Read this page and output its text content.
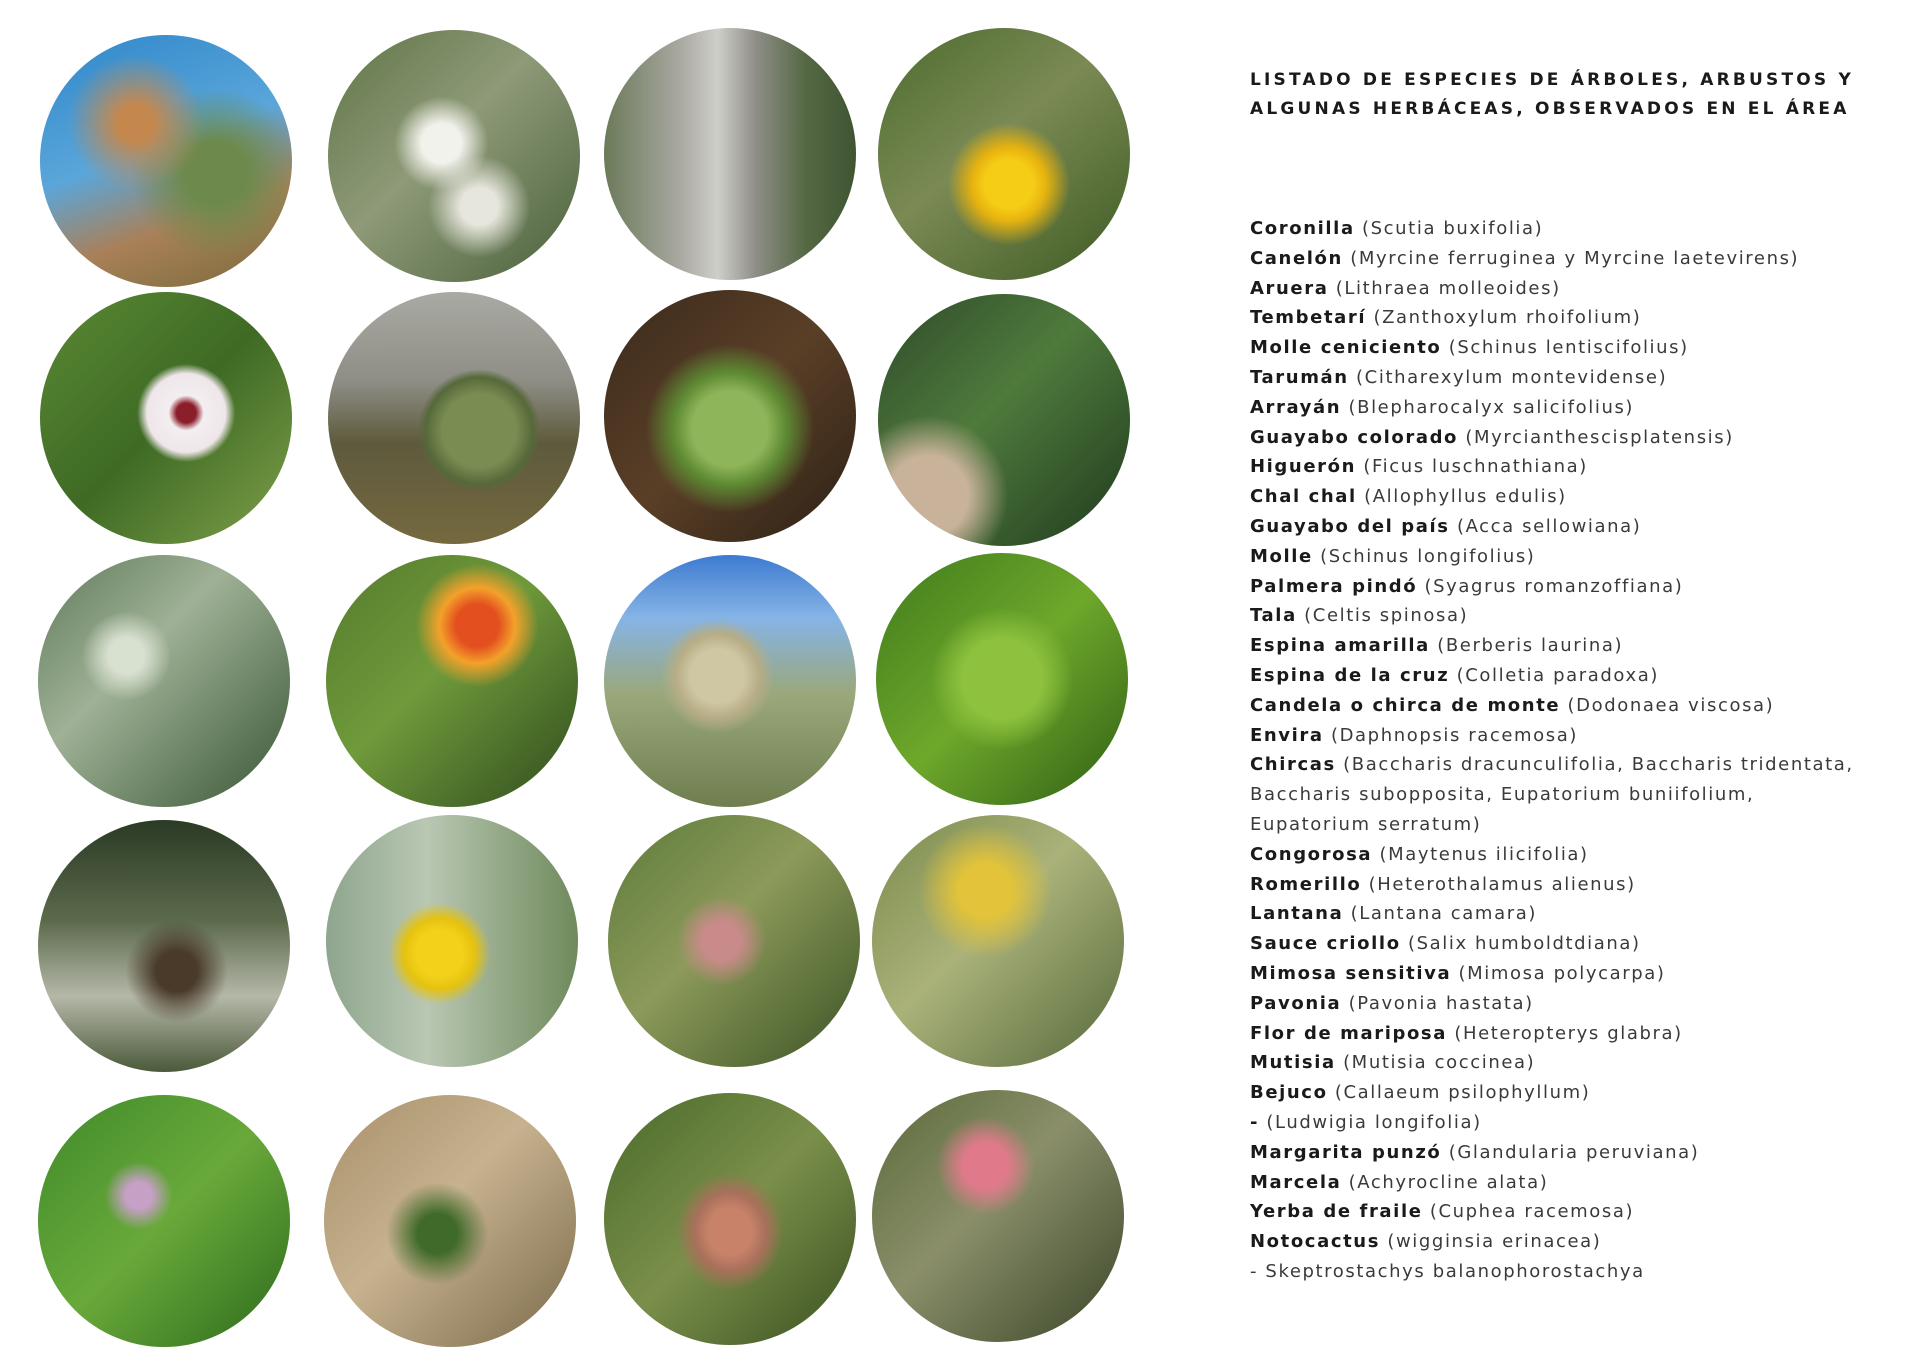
LISTADO DE ESPECIES DE ÁRBOLES, ARBUSTOS Y ALGUNAS HERBÁCEAS, OBSERVADOS EN EL ÁREA
Coronilla (Scutia buxifolia)
Canelón (Myrcine ferruginea y Myrcine laetevirens)
Aruera (Lithraea molleoides)
Tembetarí (Zanthoxylum rhoifolium)
Molle ceniciento (Schinus lentiscifolius)
Tarumán (Citharexylum montevidense)
Arrayán (Blepharocalyx salicifolius)
Guayabo colorado (Myrcianthescisplatensis)
Higuerón (Ficus luschnathiana)
Chal chal (Allophyllus edulis)
Guayabo del país (Acca sellowiana)
Molle (Schinus longifolius)
Palmera pindó (Syagrus romanzoffiana)
Tala (Celtis spinosa)
Espina amarilla (Berberis laurina)
Espina de la cruz (Colletia paradoxa)
Candela o chirca de monte (Dodonaea viscosa)
Envira (Daphnopsis racemosa)
Chircas (Baccharis dracunculifolia, Baccharis tridentata, Baccharis subopposita, Eupatorium buniifolium, Eupatorium serratum)
Congorosa (Maytenus ilicifolia)
Romerillo (Heterothalamus alienus)
Lantana (Lantana camara)
Sauce criollo (Salix humboldtdiana)
Mimosa sensitiva (Mimosa polycarpa)
Pavonia (Pavonia hastata)
Flor de mariposa (Heteropterys glabra)
Mutisia (Mutisia coccinea)
Bejuco (Callaeum psilophyllum)
- (Ludwigia longifolia)
Margarita punzó (Glandularia peruviana)
Marcela (Achyrocline alata)
Yerba de fraile (Cuphea racemosa)
Notocactus (wigginsia erinacea)
- Skeptrostachys balanophorostachya
